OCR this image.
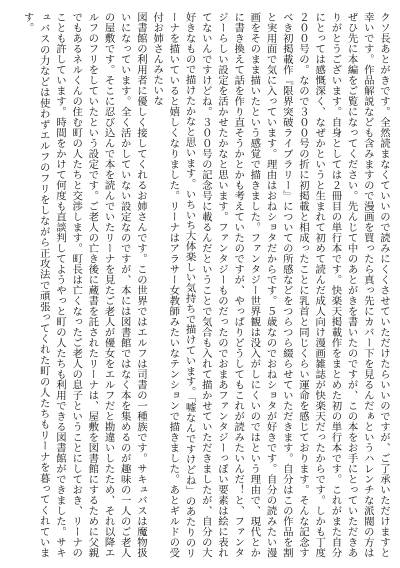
クソ長あとがきです。全然読まなくていいので読みにくくさせていただけたらいいのですが、ご了承いただけますと幸いです。作品解説なども含みますので漫画を買ったら真っ先にカバー下を見るんだぁというハレンチな派閥の方はぜひ先に本編をご覧になってください。先んじて中のあとがきを書いたのですが、この本をお手にとっていただきありがとうございます。自身としては２冊目の単行本です。快楽天掲載作をまとめた初の単行本です。これがまた自分にとっては感慨深く、なぜかというと生まれて初めて読んだ成人向け漫画雑誌が快楽天だったからです。しかも丁度２００号の。なので３００号の折に初掲載と相成ったことに乳首と同じくらい運命を感じております。そんな記念すべき初掲載作『限界突破ライブラリー』についての所感などをつらつら綴らせていただきます。自分はこの作品を割と実用面で気に入っています。理由はおねショタだからです。５歳なのでおねショタが好きです。自分の読みたい漫画をそのまま描いたという感覚で描きました。ファンタジー世界観は没入がしにくいのではという理由で、現代とかに書き換えて話を作り直そうかとかも考えていたのですが、やっぱりどうしてもこれが読みたいんだ！と、ファンタジーらしい設定を活かせたかなと思います。ファンタジーものだったのでおまあファンタジーっぽい要素は絵に表れてないんですけどね。３００号の記念号に載るんだということで気合も入れて描かせていただきましたが、自分の大好きなもので描けたかなと思います。いちいち大体楽しい気持ちで描けています。「嘘なんですけどね」のあたりのリーナを描いていると嬉しくなりました。リーナはアラサー女教師みたいなテンションで描きました。あとギルドの受付お姉さんみたいな

図書館の利用者に優しく接してくれるお姉さんです。この世界ではエルフは司書の一種族です。サキュバスは魔物扱いになっています。全く活かしていない設定なのですが、本には図書館ではなく本を集めるのが趣味の一人のご老人の屋敷です。そこに忍び込んで本を読んでいたリーナを見たご老人が優女をエルフだと勘違いしたため、それ以降エルフのフリをしていたという設定です。ご老人の亡き後に蔵書を託されたリーナは、屋敷を図書館にするために父親でもあるネルくんの住む町の人たちと交渉します。町長は亡くなったご老人の息子ということにしておき、リーナのことも許しています。時間をかけて何度も直談判してようやっと町の人たちも利用できる図書館ができました。サキュバスの力などは使わずエルフのフリをしながら正攻法で頑張ってくれた町の人たちもリーナを暮ってくれています。
